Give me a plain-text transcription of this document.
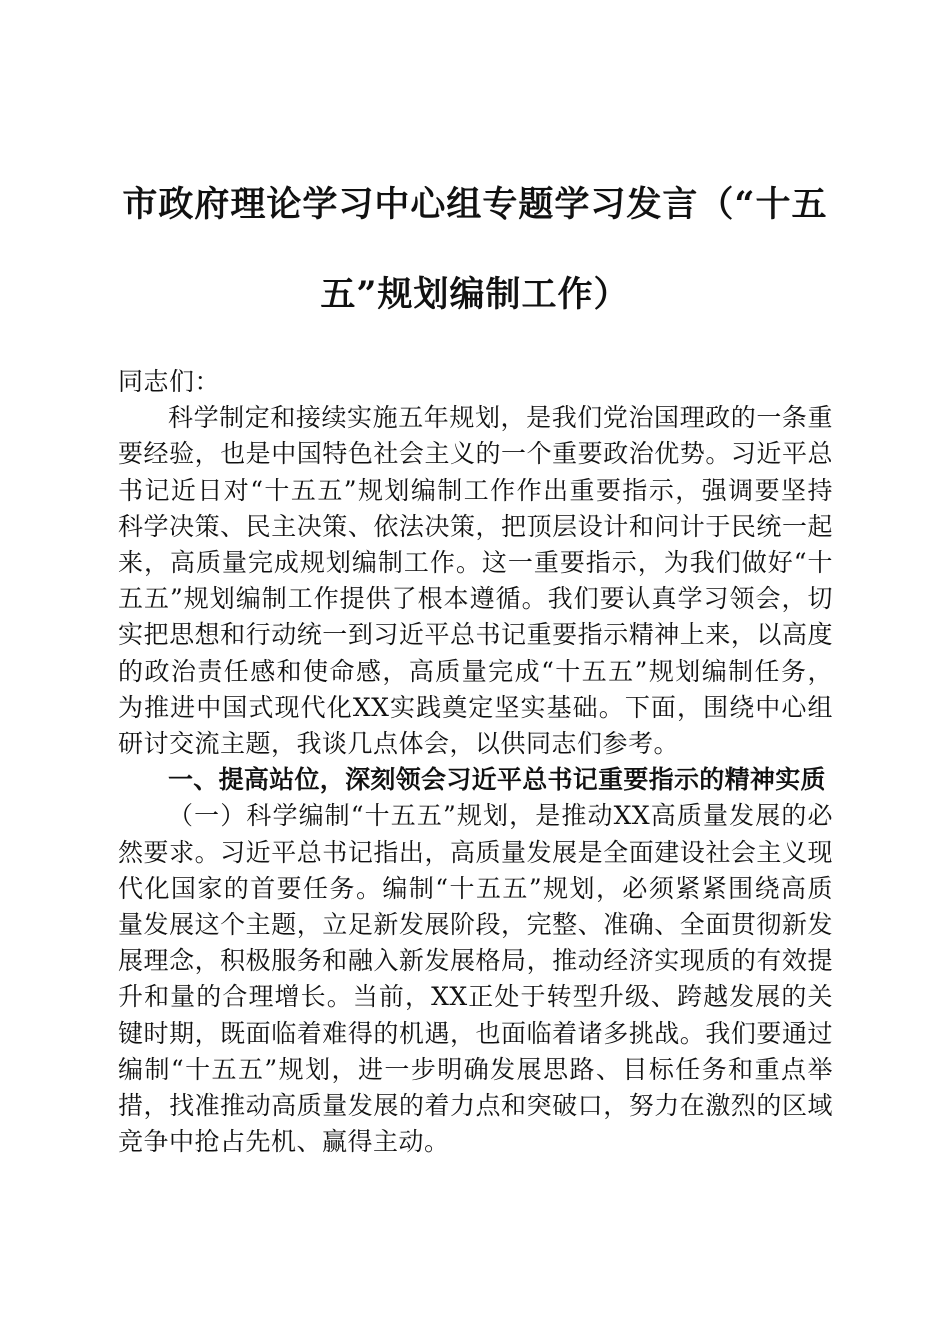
市政府理论学习中心组专题学习发言（“十五五”规划编制工作）

同志们：

科学制定和接续实施五年规划，是我们党治国理政的一条重要经验，也是中国特色社会主义的一个重要政治优势。习近平总书记近日对“十五五”规划编制工作作出重要指示，强调要坚持科学决策、民主决策、依法决策，把顶层设计和问计于民统一起来，高质量完成规划编制工作。这一重要指示，为我们做好“十五五”规划编制工作提供了根本遵循。我们要认真学习领会，切实把思想和行动统一到习近平总书记重要指示精神上来，以高度的政治责任感和使命感，高质量完成“十五五”规划编制任务，为推进中国式现代化XX实践奠定坚实基础。下面，围绕中心组研讨交流主题，我谈几点体会，以供同志们参考。

一、提高站位，深刻领会习近平总书记重要指示的精神实质

（一）科学编制“十五五”规划，是推动XX高质量发展的必然要求。习近平总书记指出，高质量发展是全面建设社会主义现代化国家的首要任务。编制“十五五”规划，必须紧紧围绕高质量发展这个主题，立足新发展阶段，完整、准确、全面贯彻新发展理念，积极服务和融入新发展格局，推动经济实现质的有效提升和量的合理增长。当前，XX正处于转型升级、跨越发展的关键时期，既面临着难得的机遇，也面临着诸多挑战。我们要通过编制“十五五”规划，进一步明确发展思路、目标任务和重点举措，找准推动高质量发展的着力点和突破口，努力在激烈的区域竞争中抢占先机、赢得主动。
